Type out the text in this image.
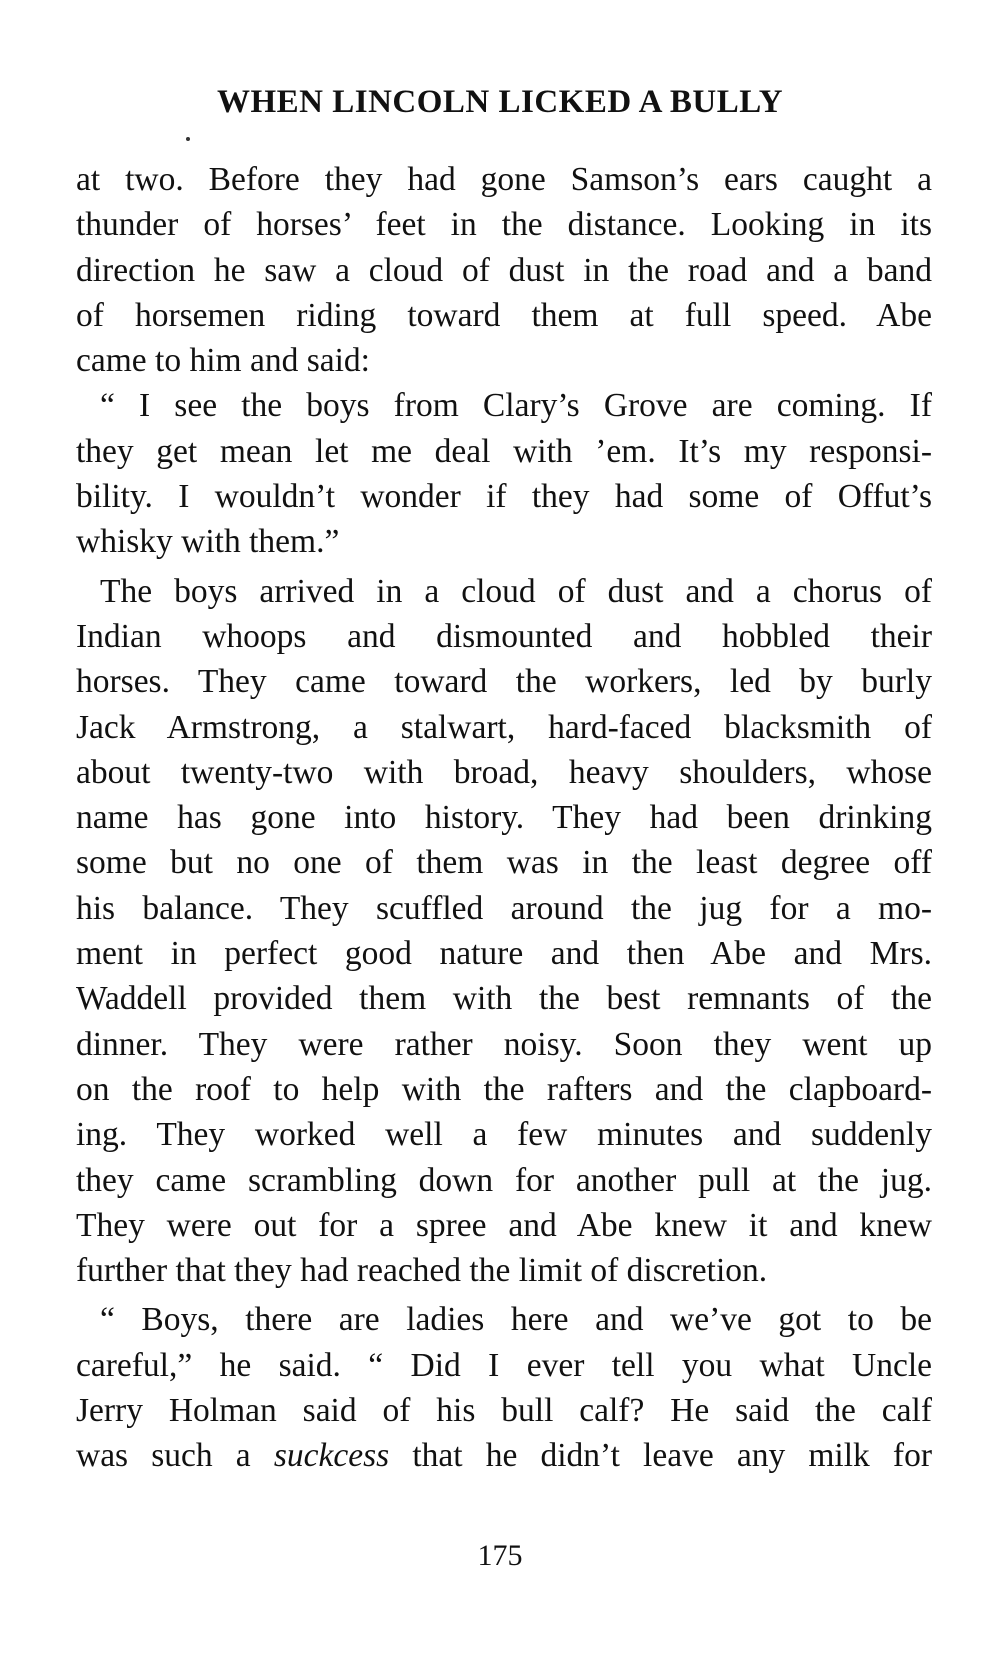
WHEN LINCOLN LICKED A BULLY
at two. Before they had gone Samson’s ears caught a
thunder of horses’ feet in the distance. Looking in its
direction he saw a cloud of dust in the road and a band
of horsemen riding toward them at full speed. Abe
came to him and said:
“ I see the boys from Clary’s Grove are coming. If
they get mean let me deal with ’em. It’s my responsi-
bility. I wouldn’t wonder if they had some of Offut’s
whisky with them.”
The boys arrived in a cloud of dust and a chorus of
Indian whoops and dismounted and hobbled their
horses. They came toward the workers, led by burly
Jack Armstrong, a stalwart, hard-faced blacksmith of
about twenty-two with broad, heavy shoulders, whose
name has gone into history. They had been drinking
some but no one of them was in the least degree off
his balance. They scuffled around the jug for a mo-
ment in perfect good nature and then Abe and Mrs.
Waddell provided them with the best remnants of the
dinner. They were rather noisy. Soon they went up
on the roof to help with the rafters and the clapboard-
ing. They worked well a few minutes and suddenly
they came scrambling down for another pull at the jug.
They were out for a spree and Abe knew it and knew
further that they had reached the limit of discretion.
“ Boys, there are ladies here and we’ve got to be
careful,” he said. “ Did I ever tell you what Uncle
Jerry Holman said of his bull calf? He said the calf
was such a suckcess that he didn’t leave any milk for
175
